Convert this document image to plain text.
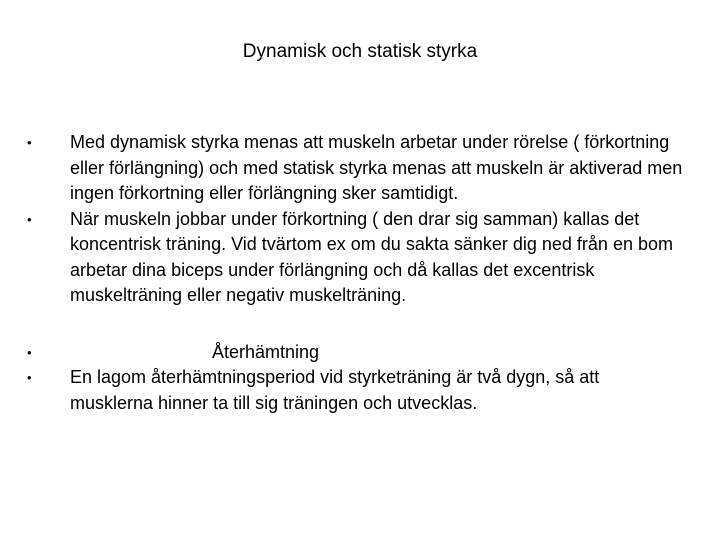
Dynamisk och statisk styrka
• Med dynamisk styrka menas att muskeln arbetar under rörelse ( förkortning eller förlängning) och med statisk styrka menas att muskeln är aktiverad men ingen förkortning eller förlängning sker samtidigt.
• När muskeln jobbar under förkortning ( den drar sig samman) kallas det koncentrisk träning. Vid tvärtom ex om du sakta sänker dig ned från en bom arbetar dina biceps under förlängning och då kallas det excentrisk muskelträning eller negativ muskelträning.
•	Återhämtning
• En lagom återhämtningsperiod vid styrketräning är två dygn, så att musklerna hinner ta till sig träningen och utvecklas.
